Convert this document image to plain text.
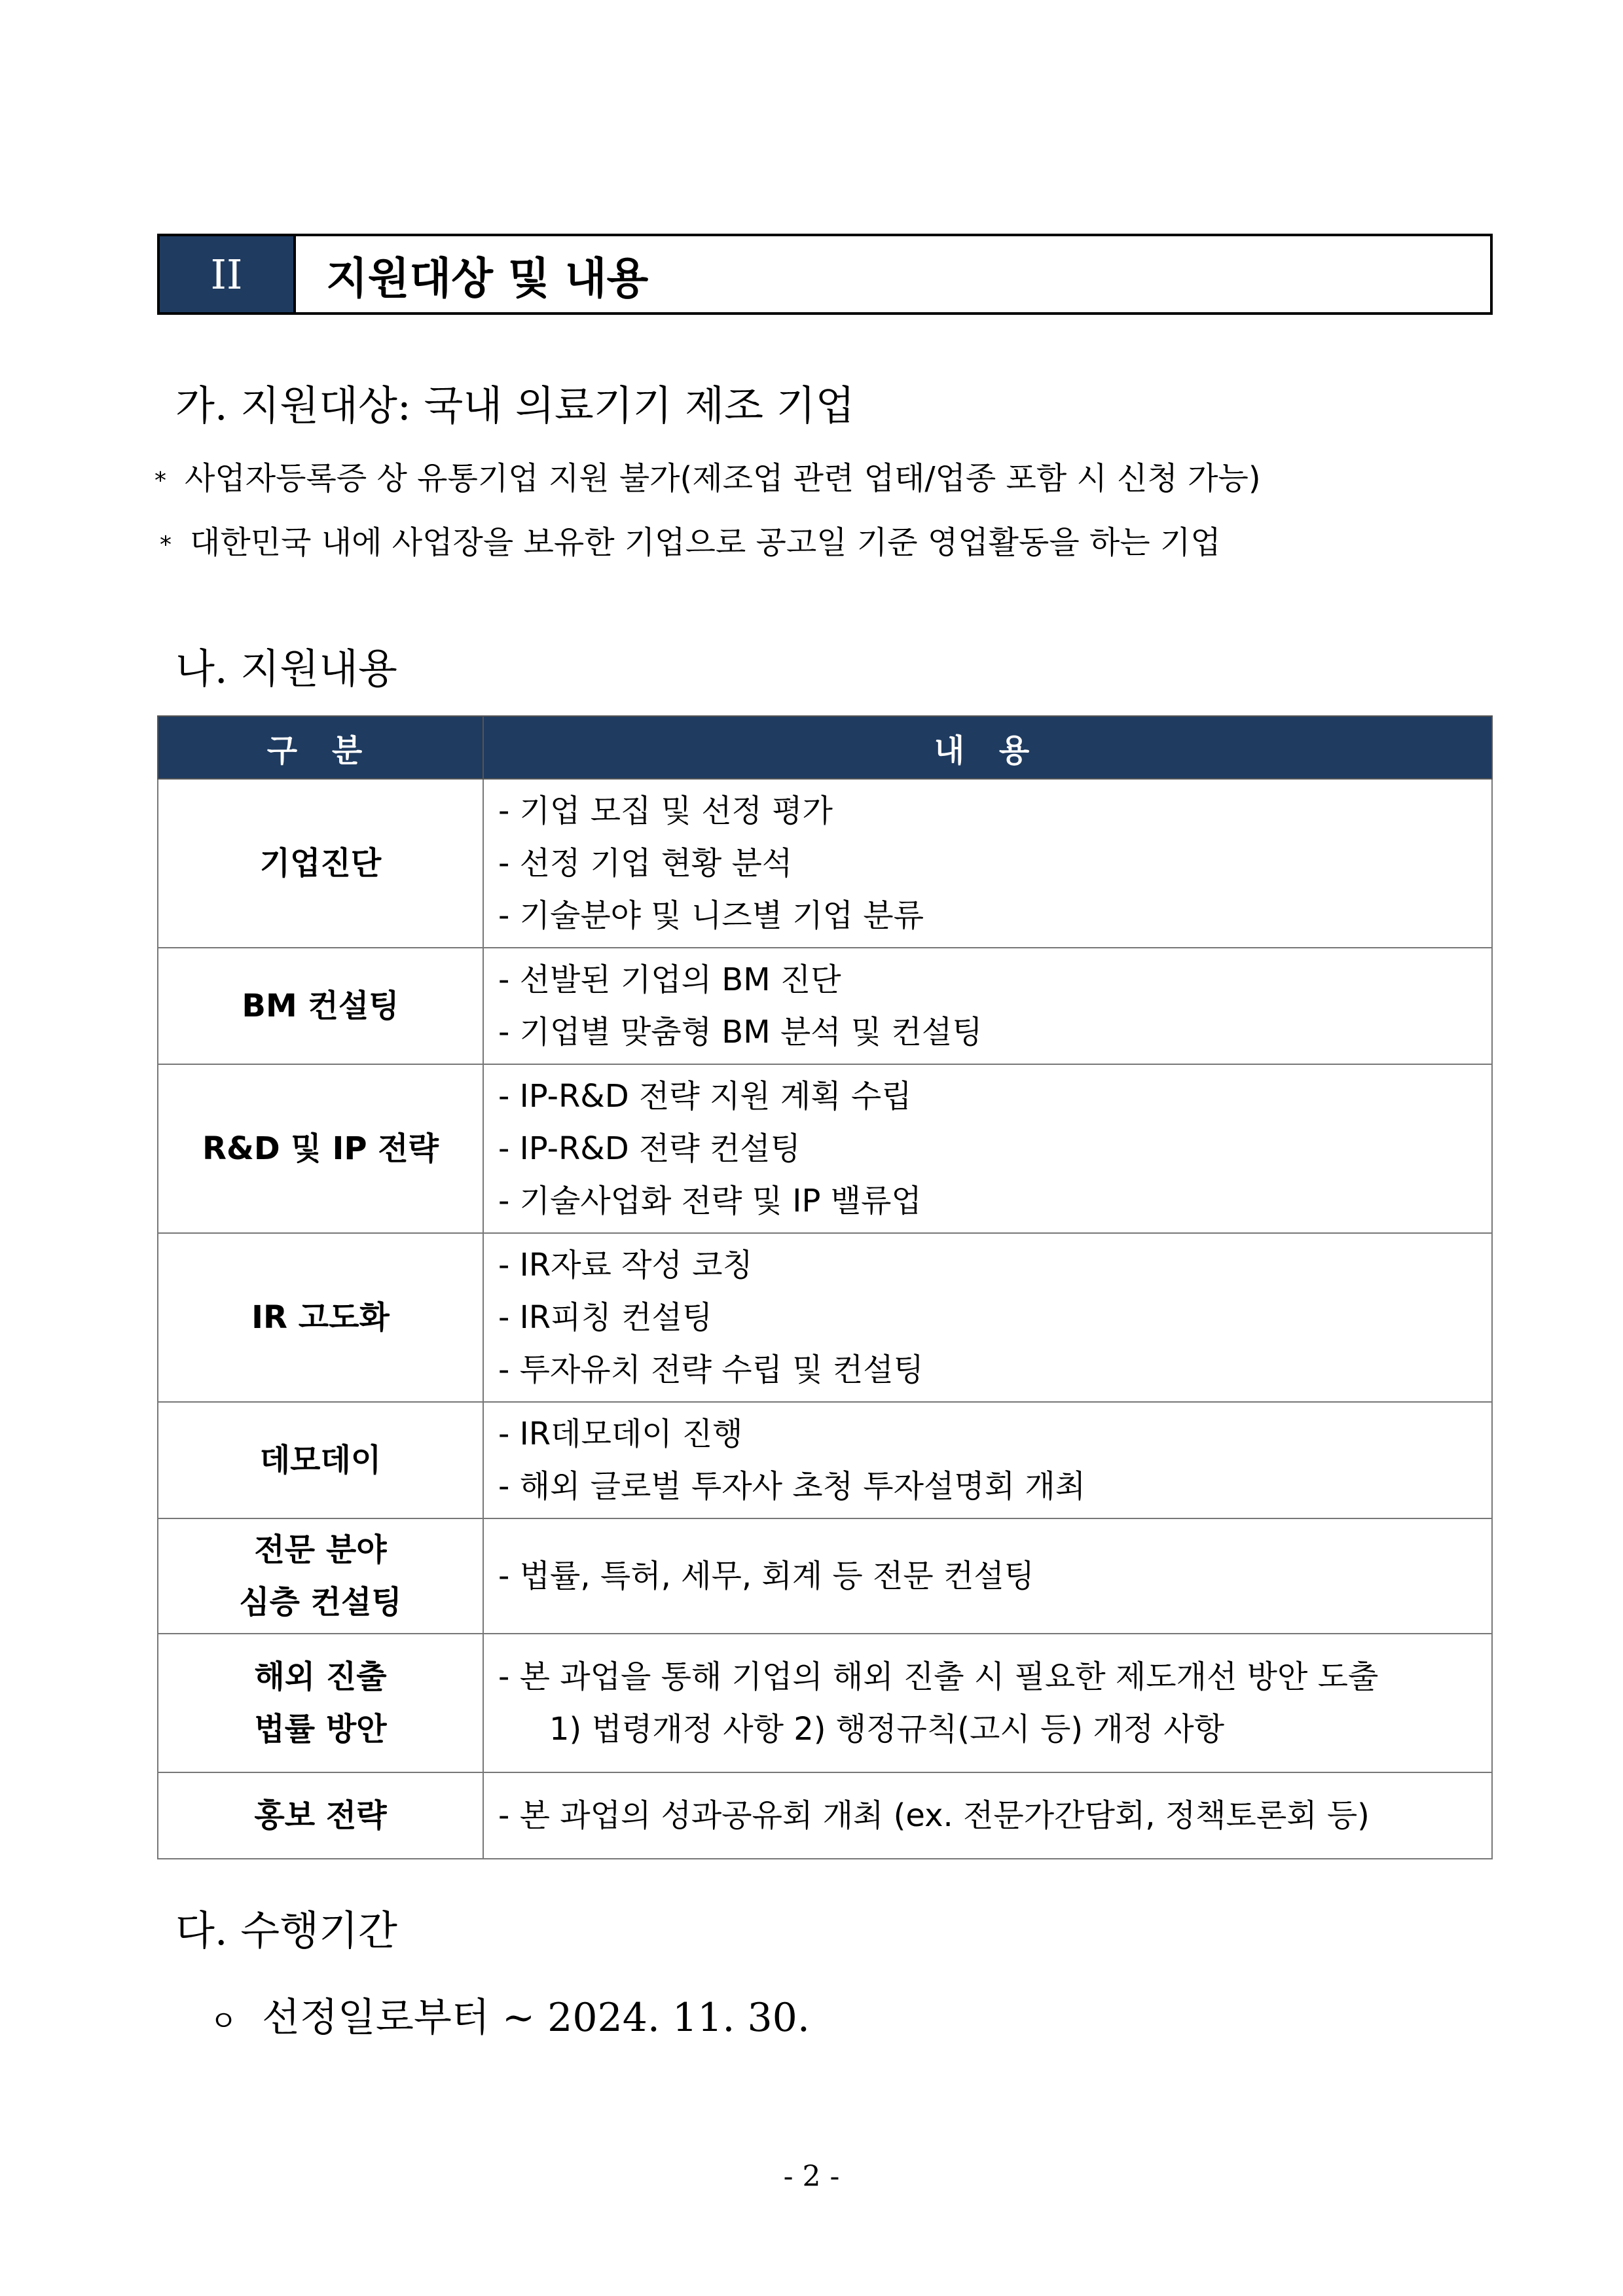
II	지원대상 및 내용
가. 지원대상: 국내 의료기기 제조 기업
* 사업자등록증 상 유통기업 지원 불가(제조업 관련 업태/업종 포함 시 신청 가능)
* 대한민국 내에 사업장을 보유한 기업으로 공고일 기준 영업활동을 하는 기업
나. 지원내용
구 분	내 용

기업진단	- 기업 모집 및 선정 평가
- 선정 기업 현황 분석
- 기술분야 및 니즈별 기업 분류

BM 컨설팅	- 선발된 기업의 BM 진단
- 기업별 맞춤형 BM 분석 및 컨설팅

R&D 및 IP 전략	- IP-R&D 전략 지원 계획 수립
- IP-R&D 전략 컨설팅
- 기술사업화 전략 및 IP 밸류업

IR 고도화	- IR자료 작성 코칭
- IR피칭 컨설팅
- 투자유치 전략 수립 및 컨설팅

데모데이	- IR데모데이 진행
- 해외 글로벌 투자사 초청 투자설명회 개최

전문 분야
심층 컨설팅	- 법률, 특허, 세무, 회계 등 전문 컨설팅

해외 진출
법률 방안	- 본 과업을 통해 기업의 해외 진출 시 필요한 제도개선 방안 도출
1) 법령개정 사항 2) 행정규칙(고시 등) 개정 사항

홍보 전략	- 본 과업의 성과공유회 개최 (ex. 전문가간담회, 정책토론회 등)
다. 수행기간
ㅇ 선정일로부터 ~ 2024. 11. 30.
- 2 -
